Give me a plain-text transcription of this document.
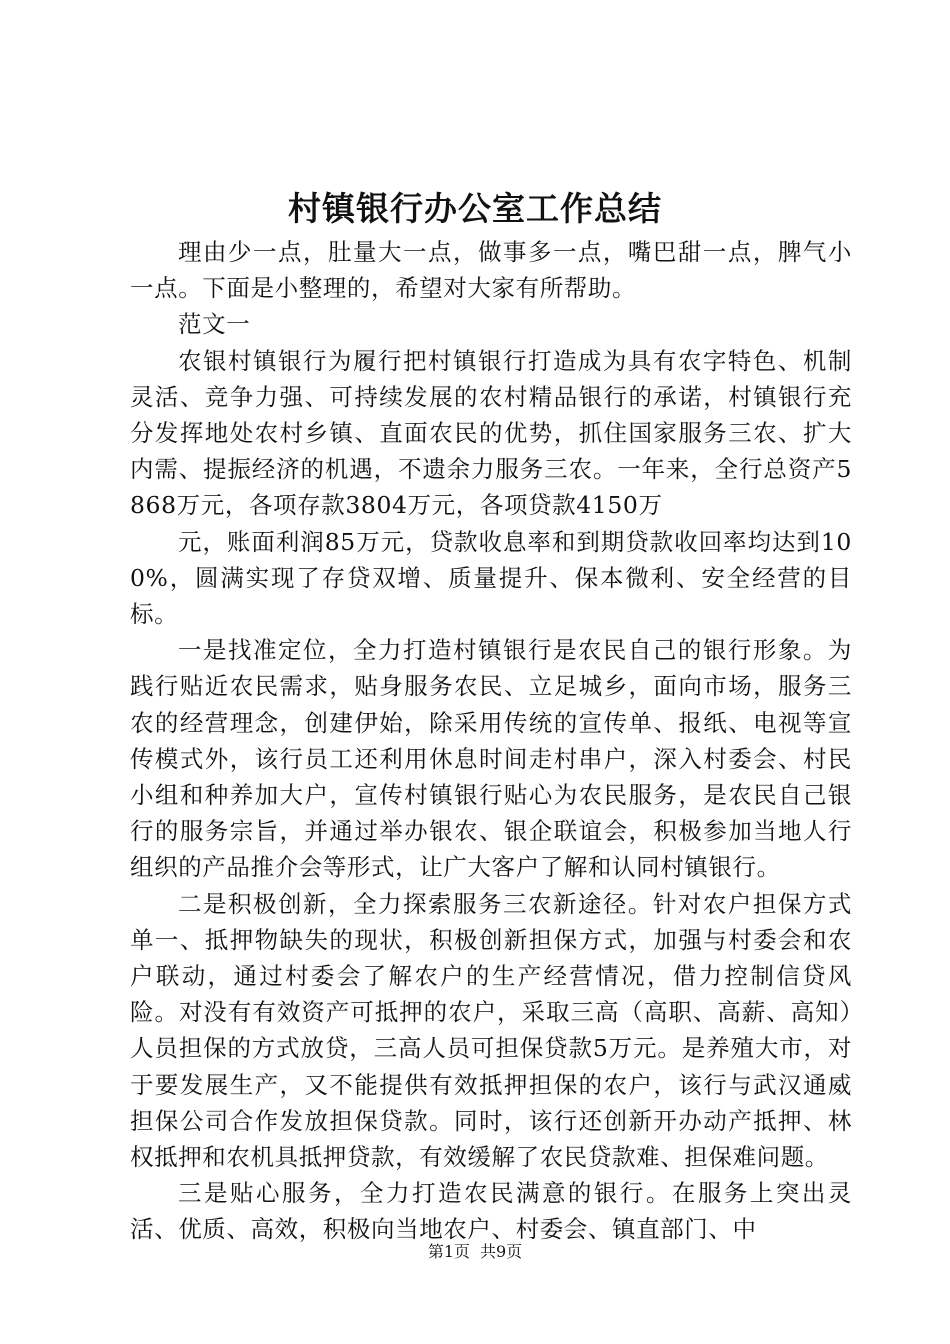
村镇银行办公室工作总结

理由少一点，肚量大一点，做事多一点，嘴巴甜一点，脾气小一点。下面是小整理的，希望对大家有所帮助。

范文一

农银村镇银行为履行把村镇银行打造成为具有农字特色、机制灵活、竞争力强、可持续发展的农村精品银行的承诺，村镇银行充分发挥地处农村乡镇、直面农民的优势，抓住国家服务三农、扩大内需、提振经济的机遇，不遗余力服务三农。一年来，全行总资产5868万元，各项存款3804万元，各项贷款4150万

元，账面利润85万元，贷款收息率和到期贷款收回率均达到100%，圆满实现了存贷双增、质量提升、保本微利、安全经营的目标。

一是找准定位，全力打造村镇银行是农民自己的银行形象。为践行贴近农民需求，贴身服务农民、立足城乡，面向市场，服务三农的经营理念，创建伊始，除采用传统的宣传单、报纸、电视等宣传模式外，该行员工还利用休息时间走村串户，深入村委会、村民小组和种养加大户，宣传村镇银行贴心为农民服务，是农民自己银行的服务宗旨，并通过举办银农、银企联谊会，积极参加当地人行组织的产品推介会等形式，让广大客户了解和认同村镇银行。

二是积极创新，全力探索服务三农新途径。针对农户担保方式单一、抵押物缺失的现状，积极创新担保方式，加强与村委会和农户联动，通过村委会了解农户的生产经营情况，借力控制信贷风险。对没有有效资产可抵押的农户，采取三高（高职、高薪、高知）人员担保的方式放贷，三高人员可担保贷款5万元。是养殖大市，对于要发展生产，又不能提供有效抵押担保的农户，该行与武汉通威担保公司合作发放担保贷款。同时，该行还创新开办动产抵押、林权抵押和农机具抵押贷款，有效缓解了农民贷款难、担保难问题。

三是贴心服务，全力打造农民满意的银行。在服务上突出灵活、优质、高效，积极向当地农户、村委会、镇直部门、中

第1页 共9页
